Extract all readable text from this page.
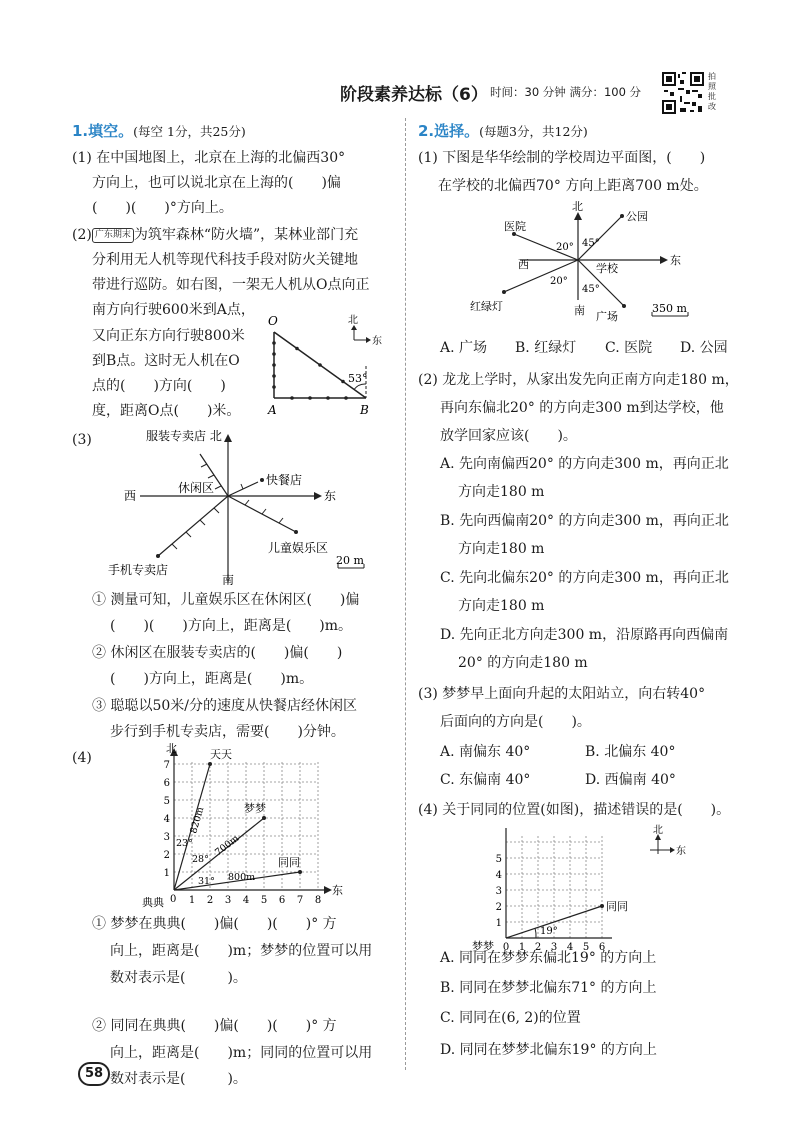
阶段素养达标（6） 时间：30 分钟 满分：100 分
拍照批改
1.填空。(每空 1分，共25分)
(1) 在中国地图上，北京在上海的北偏西30°
方向上，也可以说北京在上海的(　　)偏
(　　)(　　)°方向上。
(2) 广东期末 为筑牢森林“防火墙”，某林业部门充
分利用无人机等现代科技手段对防火关键地
带进行巡防。如右图，一架无人机从O点向正
南方向行驶600米到A点，
又向正东方向行驶800米
到B点。这时无人机在O
点的(　　)方向(　　)
度，距离O点(　　)米。
53°
O
A	B
北
东
(3)	服装专卖店 北
西	东
南
休闲区
快餐店
儿童娱乐区
手机专卖店
20 m
① 测量可知，儿童娱乐区在休闲区(　　)偏
(　　)(　　)方向上，距离是(　　)m。
② 休闲区在服装专卖店的(　　)偏(　　)
(　　)方向上，距离是(　　)m。
③ 聪聪以50米/分的速度从快餐店经休闲区
步行到手机专卖店，需要(　　)分钟。
(4)
北
东
典典 0 1 2 3 4 5 6 7 8
1
2
3
4
5
6
7
天天
梦梦
同同
820m
700m
800m
23°
28°
31°
① 梦梦在典典(　　)偏(　　)(　　)° 方
向上，距离是(　　)m；梦梦的位置可以用
数对表示是(　　　)。
② 同同在典典(　　)偏(　　)(　　)° 方
向上，距离是(　　)m；同同的位置可以用
数对表示是(　　　)。
58
2.选择。(每题3分，共12分)
(1) 下图是华华绘制的学校周边平面图，(　　)
在学校的北偏西70° 方向上距离700 m处。
北
南
西	东
公园
医院
红绿灯
广场
学校
20° 45°
20°
45°
350 m
A. 广场 B. 红绿灯 C. 医院 D. 公园
(2) 龙龙上学时，从家出发先向正南方向走180 m，
再向东偏北20° 的方向走300 m到达学校，他
放学回家应该(　　)。
A. 先向南偏西20° 的方向走300 m，再向正北
方向走180 m
B. 先向西偏南20° 的方向走300 m，再向正北
方向走180 m
C. 先向北偏东20° 的方向走300 m，再向正北
方向走180 m
D. 先向正北方向走300 m，沿原路再向西偏南
20° 的方向走180 m
(3) 梦梦早上面向升起的太阳站立，向右转40°
后面向的方向是(　　)。
A. 南偏东 40°	B. 北偏东 40°
C. 东偏南 40°	D. 西偏南 40°
(4) 关于同同的位置(如图)，描述错误的是(　　)。
1
2
3
4
5
0 1 2 3 4 5 6
梦梦
同同
19°
北
东
A. 同同在梦梦东偏北19° 的方向上
B. 同同在梦梦北偏东71° 的方向上
C. 同同在(6, 2)的位置
D. 同同在梦梦北偏东19° 的方向上
